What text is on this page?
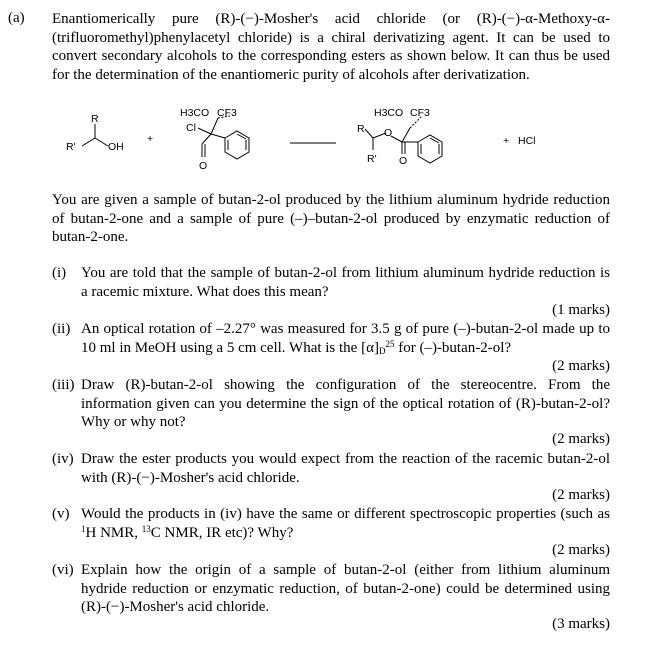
(a) Enantiomerically pure (R)-(−)-Mosher's acid chloride (or (R)-(−)-α-Methoxy-α-(trifluoromethyl)phenylacetyl chloride) is a chiral derivatizing agent. It can be used to convert secondary alcohols to the corresponding esters as shown below. It can thus be used for the determination of the enantiomeric purity of alcohols after derivatization.
R
R'	OH
+
H3CO CF3
Cl
O
H3CO CF3
R O
R' O
+ HCl
You are given a sample of butan-2-ol produced by the lithium aluminum hydride reduction of butan-2-one and a sample of pure (–)–butan-2-ol produced by enzymatic reduction of butan-2-one.
(i) You are told that the sample of butan-2-ol from lithium aluminum hydride reduction is a racemic mixture. What does this mean?
(1 marks)
(ii) An optical rotation of –2.27° was measured for 3.5 g of pure (–)-butan-2-ol made up to 10 ml in MeOH using a 5 cm cell. What is the $[\alpha]_D^{25}$ for (–)-butan-2-ol?
(2 marks)
(iii) Draw (R)-butan-2-ol showing the configuration of the stereocentre. From the information given can you determine the sign of the optical rotation of (R)-butan-2-ol? Why or why not?
(2 marks)
(iv) Draw the ester products you would expect from the reaction of the racemic butan-2-ol with (R)-(−)-Mosher's acid chloride.
(2 marks)
(v) Would the products in (iv) have the same or different spectroscopic properties (such as $^1$H NMR, $^{13}$C NMR, IR etc)? Why?
(2 marks)
(vi) Explain how the origin of a sample of butan-2-ol (either from lithium aluminum hydride reduction or enzymatic reduction, of butan-2-one) could be determined using (R)-(−)-Mosher's acid chloride.
(3 marks)
